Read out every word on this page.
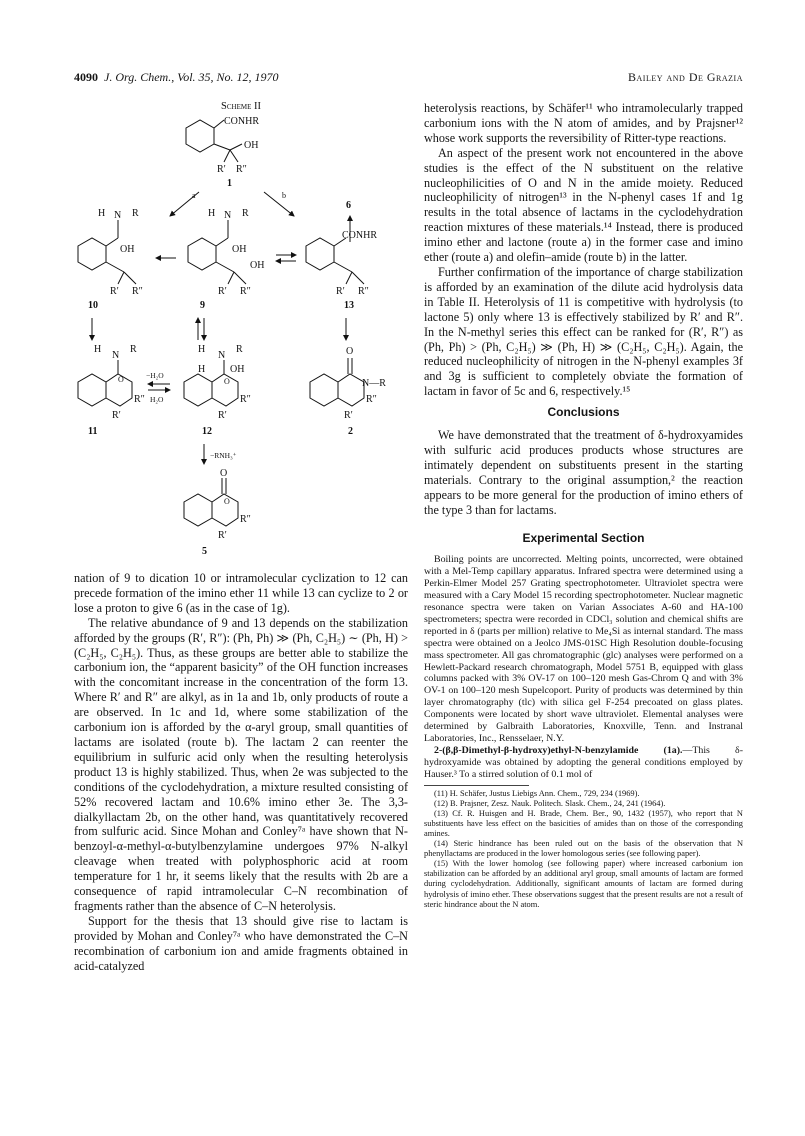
4090 J. Org. Chem., Vol. 35, No. 12, 1970	Bailey and De Grazia
Scheme II
CONHR
OH
R′ R″
1
a	b
6
H N R
OH
R′ R″
10
H N R
OH
OH
R′ R″
9
CONHR
R′ R″
13
H
N
R
O
R″
R′
11
−H₂O
H₂O
H
N
R
H OH
O
R″
R′
12
O
N—R
R″
R′
2
−RNH₃⁺
O
O
R″
R′
5

nation of 9 to dication 10 or intramolecular cyclization to 12 can precede formation of the imino ether 11 while 13 can cyclize to 2 or lose a proton to give 6 (as in the case of 1g).

The relative abundance of 9 and 13 depends on the stabilization afforded by the groups (R′, R″): (Ph, Ph) ≫ (Ph, C₂H₅) ∼ (Ph, H) > (C₂H₅, C₂H₅). Thus, as these groups are better able to stabilize the carbonium ion, the “apparent basicity” of the OH function increases with the concomitant increase in the concentration of the form 13. Where R′ and R″ are alkyl, as in 1a and 1b, only products of route a are observed. In 1c and 1d, where some stabilization of the carbonium ion is afforded by the α-aryl group, small quantities of lactams are isolated (route b). The lactam 2 can reenter the equilibrium in sulfuric acid only when the resulting heterolysis product 13 is highly stabilized. Thus, when 2e was subjected to the conditions of the cyclodehydration, a mixture resulted consisting of 52% recovered lactam and 10.6% imino ether 3e. The 3,3-dialkyllactam 2b, on the other hand, was quantitatively recovered from sulfuric acid. Since Mohan and Conley⁷ᵃ have shown that N-benzoyl-α-methyl-α-butylbenzylamine undergoes 97% N-alkyl cleavage when treated with polyphosphoric acid at room temperature for 1 hr, it seems likely that the results with 2b are a consequence of rapid intramolecular C–N recombination of fragments rather than the absence of C–N heterolysis.

Support for the thesis that 13 should give rise to lactam is provided by Mohan and Conley⁷ᵃ who have demonstrated the C–N recombination of carbonium ion and amide fragments obtained in acid-catalyzed

heterolysis reactions, by Schäfer¹¹ who intramolecularly trapped carbonium ions with the N atom of amides, and by Prajsner¹² whose work supports the reversibility of Ritter-type reactions.

An aspect of the present work not encountered in the above studies is the effect of the N substituent on the relative nucleophilicities of O and N in the amide moiety. Reduced nucleophilicity of nitrogen¹³ in the N-phenyl cases 1f and 1g results in the total absence of lactams in the cyclodehydration reaction mixtures of these materials.¹⁴ Instead, there is produced imino ether and lactone (route a) in the former case and imino ether (route a) and olefin–amide (route b) in the latter.

Further confirmation of the importance of charge stabilization is afforded by an examination of the dilute acid hydrolysis data in Table II. Heterolysis of 11 is competitive with hydrolysis (to lactone 5) only where 13 is effectively stabilized by R′ and R″. In the N-methyl series this effect can be ranked for (R′, R″) as (Ph, Ph) > (Ph, C₂H₅) ≫ (Ph, H) ≫ (C₂H₅, C₂H₅). Again, the reduced nucleophilicity of nitrogen in the N-phenyl examples 3f and 3g is sufficient to completely obviate the formation of lactam in favor of 5c and 6, respectively.¹⁵

Conclusions

We have demonstrated that the treatment of δ-hydroxyamides with sulfuric acid produces products whose structures are intimately dependent on substituents present in the starting materials. Contrary to the original assumption,² the reaction appears to be more general for the production of imino ethers of the type 3 than for lactams.

Experimental Section

Boiling points are uncorrected. Melting points, uncorrected, were obtained with a Mel-Temp capillary apparatus. Infrared spectra were determined using a Perkin-Elmer Model 257 Grating spectrophotometer. Ultraviolet spectra were measured with a Cary Model 15 recording spectrophotometer. Nuclear magnetic resonance spectra were taken on Varian Associates A-60 and HA-100 spectrometers; spectra were recorded in CDCl₃ solution and chemical shifts are reported in δ (parts per million) relative to Me₄Si as internal standard. The mass spectra were obtained on a Jeolco JMS-01SC High Resolution double-focusing mass spectrometer. All gas chromatographic (glc) analyses were performed on a Hewlett-Packard research chromatograph, Model 5751 B, equipped with glass columns packed with 3% OV-17 on 100–120 mesh Gas-Chrom Q and with 3% OV-1 on 100–120 mesh Supelcoport. Purity of products was determined by thin layer chromatography (tlc) with silica gel F-254 precoated on glass plates. Components were located by short wave ultraviolet. Elemental analyses were determined by Galbraith Laboratories, Knoxville, Tenn. and Instranal Laboratories, Inc., Rensselaer, N.Y.

2-(β,β-Dimethyl-β-hydroxy)ethyl-N-benzylamide (1a).—This δ-hydroxyamide was obtained by adopting the general conditions employed by Hauser.³ To a stirred solution of 0.1 mol of

(11) H. Schäfer, Justus Liebigs Ann. Chem., 729, 234 (1969).

(12) B. Prajsner, Zesz. Nauk. Politech. Slask. Chem., 24, 241 (1964).

(13) Cf. R. Huisgen and H. Brade, Chem. Ber., 90, 1432 (1957), who report that N substituents have less effect on the basicities of amides than on those of the corresponding amines.

(14) Steric hindrance has been ruled out on the basis of the observation that N phenyllactams are produced in the lower homologous series (see following paper).

(15) With the lower homolog (see following paper) where increased carbonium ion stabilization can be afforded by an additional aryl group, small amounts of lactam are formed during cyclodehydration. Additionally, significant amounts of lactam are formed during hydrolysis of imino ether. These observations suggest that the present results are not a result of steric hindrance about the N atom.
